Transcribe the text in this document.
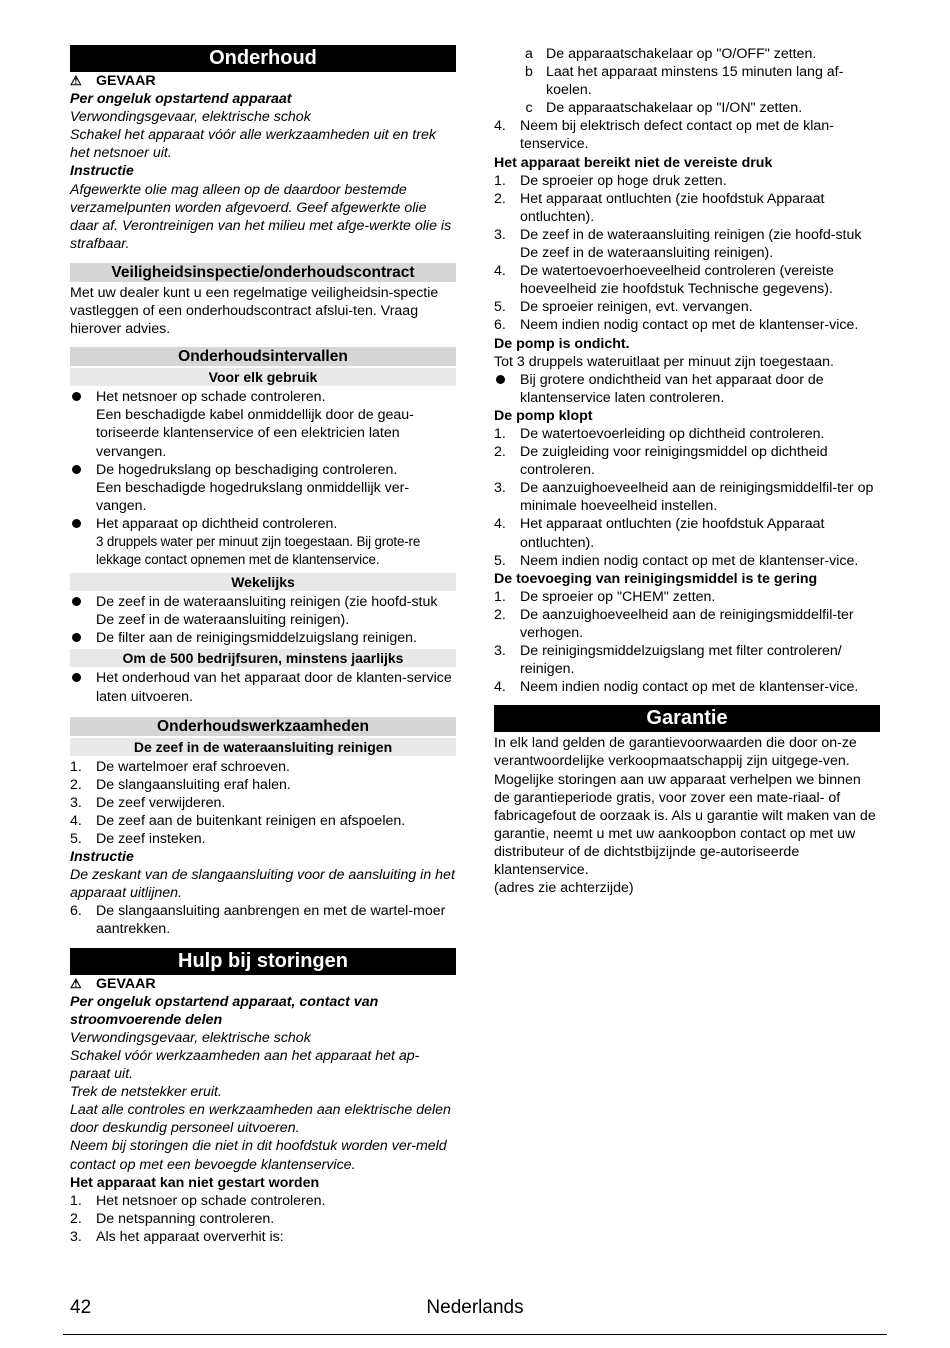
Onderhoud
⚠	GEVAAR

Per ongeluk opstartend apparaat

Verwondingsgevaar, elektrische schok

Schakel het apparaat vóór alle werkzaamheden uit en trek het netsnoer uit.

Instructie

Afgewerkte olie mag alleen op de daardoor bestemde verzamelpunten worden afgevoerd. Geef afgewerkte olie daar af. Verontreinigen van het milieu met afge-werkte olie is strafbaar.

Veiligheidsinspectie/onderhoudscontract

Met uw dealer kunt u een regelmatige veiligheidsin-spectie vastleggen of een onderhoudscontract afslui-ten. Vraag hierover advies.

Onderhoudsintervallen
Voor elk gebruik
Het netsnoer op schade controleren.
Een beschadigde kabel onmiddellijk door de geau-toriseerde klantenservice of een elektricien laten vervangen.
De hogedrukslang op beschadiging controleren.
Een beschadigde hogedrukslang onmiddellijk ver-vangen.
Het apparaat op dichtheid controleren.
3 druppels water per minuut zijn toegestaan. Bij grote-re lekkage contact opnemen met de klantenservice.
Wekelijks
De zeef in de wateraansluiting reinigen (zie hoofd-stuk De zeef in de wateraansluiting reinigen).
De filter aan de reinigingsmiddelzuigslang reinigen.
Om de 500 bedrijfsuren, minstens jaarlijks
Het onderhoud van het apparaat door de klanten-service laten uitvoeren.
Onderhoudswerkzaamheden
De zeef in de wateraansluiting reinigen
1. De wartelmoer eraf schroeven.
2. De slangaansluiting eraf halen.
3. De zeef verwijderen.
4. De zeef aan de buitenkant reinigen en afspoelen.
5. De zeef insteken.

Instructie

De zeskant van de slangaansluiting voor de aansluiting in het apparaat uitlijnen.

6. De slangaansluiting aanbrengen en met de wartel-moer aantrekken.
Hulp bij storingen
⚠	GEVAAR

Per ongeluk opstartend apparaat, contact van stroomvoerende delen

Verwondingsgevaar, elektrische schok

Schakel vóór werkzaamheden aan het apparaat het ap-paraat uit.

Trek de netstekker eruit.

Laat alle controles en werkzaamheden aan elektrische delen door deskundig personeel uitvoeren.

Neem bij storingen die niet in dit hoofdstuk worden ver-meld contact op met een bevoegde klantenservice.

Het apparaat kan niet gestart worden

1. Het netsnoer op schade controleren.
2. De netspanning controleren.
3. Als het apparaat oververhit is:
a De apparaatschakelaar op "O/OFF" zetten.
b Laat het apparaat minstens 15 minuten lang af-koelen.
c De apparaatschakelaar op "I/ON" zetten.
4. Neem bij elektrisch defect contact op met de klan-tenservice.

Het apparaat bereikt niet de vereiste druk

1. De sproeier op hoge druk zetten.
2. Het apparaat ontluchten (zie hoofdstuk Apparaat ontluchten).
3. De zeef in de wateraansluiting reinigen (zie hoofd-stuk De zeef in de wateraansluiting reinigen).
4. De watertoevoerhoeveelheid controleren (vereiste hoeveelheid zie hoofdstuk Technische gegevens).
5. De sproeier reinigen, evt. vervangen.
6. Neem indien nodig contact op met de klantenser-vice.

De pomp is ondicht.

Tot 3 druppels wateruitlaat per minuut zijn toegestaan.

Bij grotere ondichtheid van het apparaat door de klantenservice laten controleren.

De pomp klopt

1. De watertoevoerleiding op dichtheid controleren.
2. De zuigleiding voor reinigingsmiddel op dichtheid controleren.
3. De aanzuighoeveelheid aan de reinigingsmiddelfil-ter op minimale hoeveelheid instellen.
4. Het apparaat ontluchten (zie hoofdstuk Apparaat ontluchten).
5. Neem indien nodig contact op met de klantenser-vice.

De toevoeging van reinigingsmiddel is te gering

1. De sproeier op "CHEM" zetten.
2. De aanzuighoeveelheid aan de reinigingsmiddelfil-ter verhogen.
3. De reinigingsmiddelzuigslang met filter controleren/ reinigen.
4. Neem indien nodig contact op met de klantenser-vice.
Garantie

In elk land gelden de garantievoorwaarden die door on-ze verantwoordelijke verkoopmaatschappij zijn uitgege-ven. Mogelijke storingen aan uw apparaat verhelpen we binnen de garantieperiode gratis, voor zover een mate-riaal- of fabricagefout de oorzaak is. Als u garantie wilt maken van de garantie, neemt u met uw aankoopbon contact op met uw distributeur of de dichtstbijzijnde ge-autoriseerde klantenservice.

(adres zie achterzijde)

42	Nederlands
